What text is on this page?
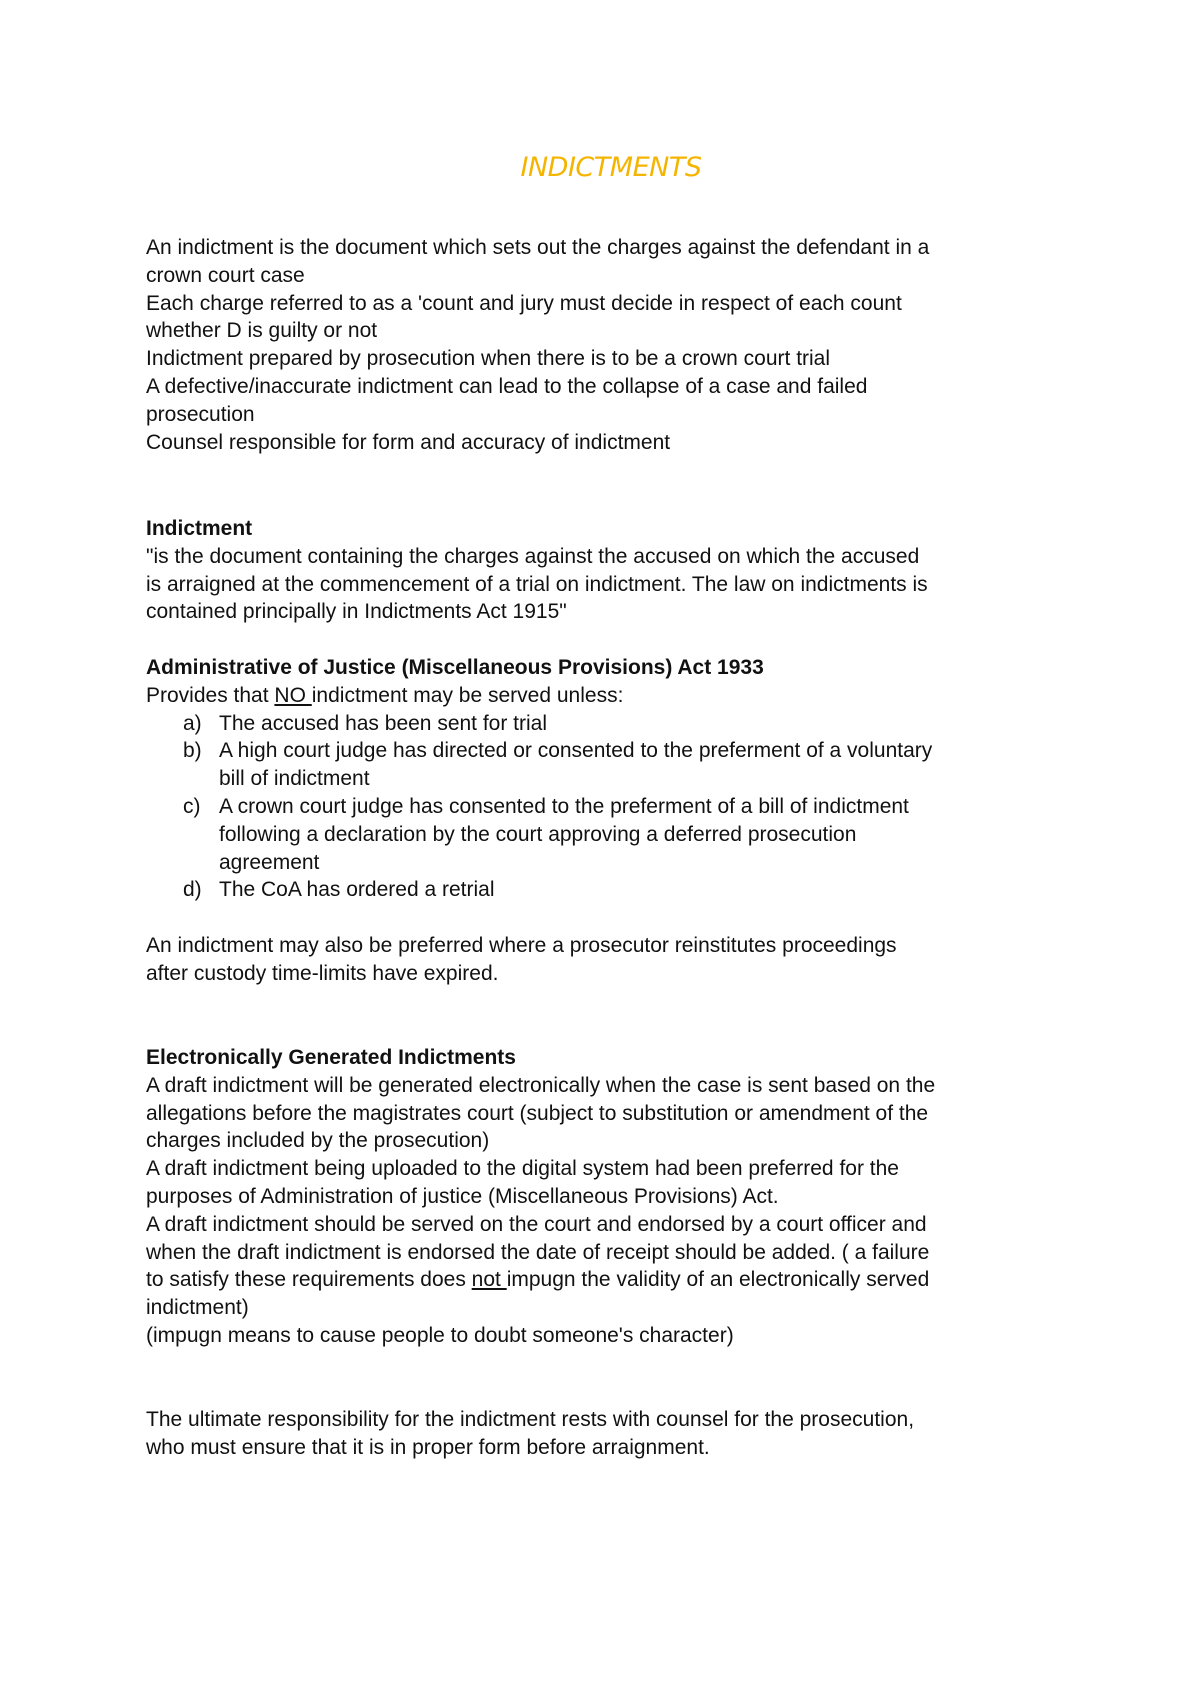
INDICTMENTS
An indictment is the document which sets out the charges against the defendant in a
crown court case
Each charge referred to as a 'count and jury must decide in respect of each count
whether D is guilty or not
Indictment prepared by prosecution when there is to be a crown court trial
A defective/inaccurate indictment can lead to the collapse of a case and failed
prosecution
Counsel responsible for form and accuracy of indictment
Indictment
"is the document containing the charges against the accused on which the accused
is arraigned at the commencement of a trial on indictment. The law on indictments is
contained principally in Indictments Act 1915"
Administrative of Justice (Miscellaneous Provisions) Act 1933
Provides that NO indictment may be served unless:
a) The accused has been sent for trial
b) A high court judge has directed or consented to the preferment of a voluntary
bill of indictment
c) A crown court judge has consented to the preferment of a bill of indictment
following a declaration by the court approving a deferred prosecution
agreement
d) The CoA has ordered a retrial
An indictment may also be preferred where a prosecutor reinstitutes proceedings
after custody time-limits have expired.
Electronically Generated Indictments
A draft indictment will be generated electronically when the case is sent based on the
allegations before the magistrates court (subject to substitution or amendment of the
charges included by the prosecution)
A draft indictment being uploaded to the digital system had been preferred for the
purposes of Administration of justice (Miscellaneous Provisions) Act.
A draft indictment should be served on the court and endorsed by a court officer and
when the draft indictment is endorsed the date of receipt should be added. ( a failure
to satisfy these requirements does not impugn the validity of an electronically served
indictment)
(impugn means to cause people to doubt someone's character)
The ultimate responsibility for the indictment rests with counsel for the prosecution,
who must ensure that it is in proper form before arraignment.
